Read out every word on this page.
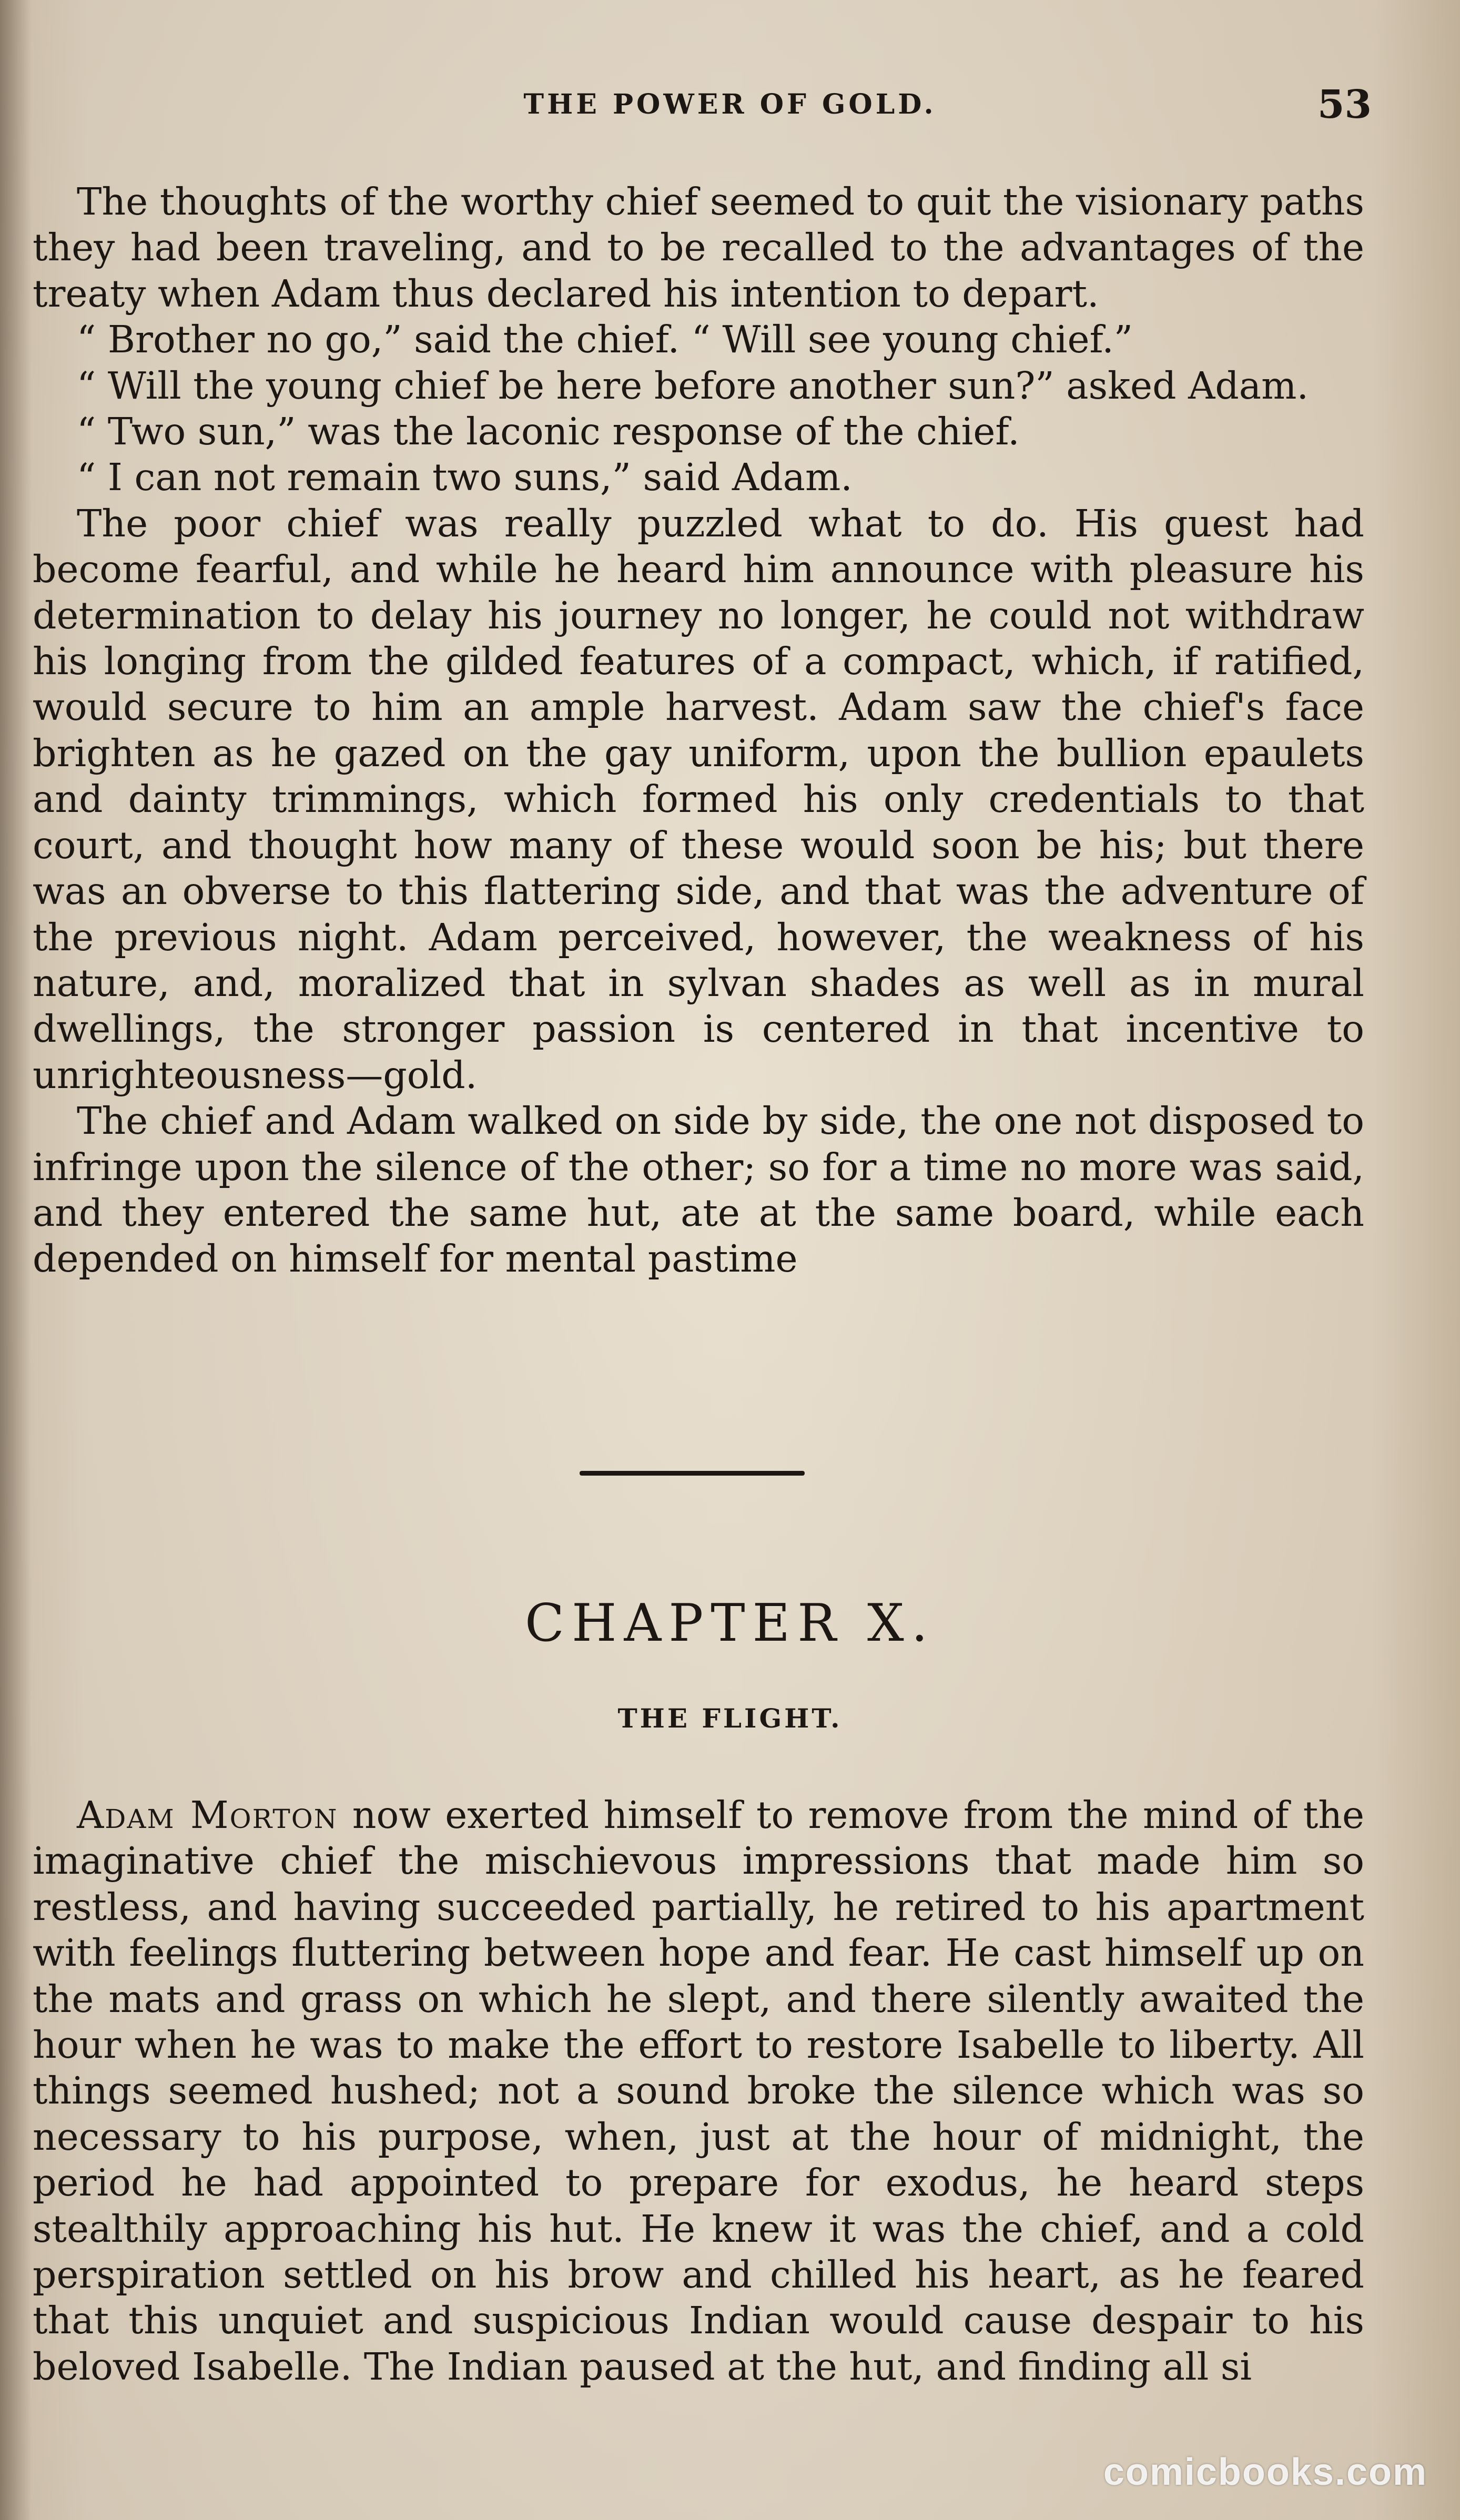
THE POWER OF GOLD.	53

The thoughts of the worthy chief seemed to quit the visionary paths they had been traveling, and to be recalled to the advantages of the treaty when Adam thus declared his intention to depart.

“ Brother no go,” said the chief. “ Will see young chief.”

“ Will the young chief be here before another sun?” asked Adam.

“ Two sun,” was the laconic response of the chief.

“ I can not remain two suns,” said Adam.

The poor chief was really puzzled what to do. His guest had become fearful, and while he heard him announce with pleasure his determination to delay his journey no longer, he could not withdraw his longing from the gilded features of a compact, which, if ratified, would secure to him an ample harvest. Adam saw the chief's face brighten as he gazed on the gay uniform, upon the bullion epaulets and dainty trimmings, which formed his only credentials to that court, and thought how many of these would soon be his; but there was an obverse to this flattering side, and that was the adventure of the previous night. Adam perceived, however, the weakness of his nature, and, moralized that in sylvan shades as well as in mural dwellings, the stronger passion is centered in that incentive to unrighteousness—gold.

The chief and Adam walked on side by side, the one not disposed to infringe upon the silence of the other; so for a time no more was said, and they entered the same hut, ate at the same board, while each depended on himself for mental pastime

CHAPTER X.
THE FLIGHT.

Adam Morton now exerted himself to remove from the mind of the imaginative chief the mischievous impressions that made him so restless, and having succeeded partially, he retired to his apartment with feelings fluttering between hope and fear. He cast himself up on the mats and grass on which he slept, and there silently awaited the hour when he was to make the effort to restore Isabelle to liberty. All things seemed hushed; not a sound broke the silence which was so necessary to his purpose, when, just at the hour of midnight, the period he had appointed to prepare for exodus, he heard steps stealthily approaching his hut. He knew it was the chief, and a cold perspiration settled on his brow and chilled his heart, as he feared that this unquiet and suspicious Indian would cause despair to his beloved Isabelle. The Indian paused at the hut, and finding all si

comicbooks.com
